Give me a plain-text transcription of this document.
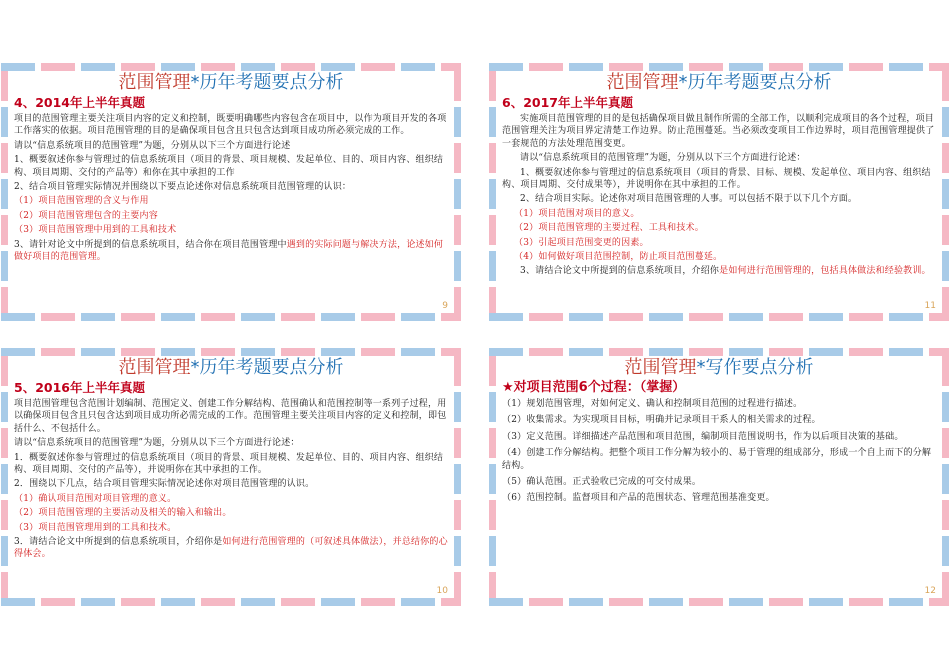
范围管理*历年考题要点分析
4、2014年上半年真题
项目的范围管理主要关注项目内容的定义和控制，既要明确哪些内容包含在项目中，以作为项目开发的各项工作落实的依据。项目范围管理的目的是确保项目包含且只包含达到项目成功所必须完成的工作。
请以“信息系统项目的范围管理”为题，分别从以下三个方面进行论述
1、概要叙述你参与管理过的信息系统项目（项目的背景、项目规模、发起单位、目的、项目内容、组织结构、项目周期、交付的产品等）和你在其中承担的工作
2、结合项目管理实际情况并围绕以下要点论述你对信息系统项目范围管理的认识：
（1）项目范围管理的含义与作用
（2）项目范围管理包含的主要内容
（3）项目范围管理中用到的工具和技术
3、请针对论文中所提到的信息系统项目，结合你在项目范围管理中遇到的实际问题与解决方法，论述如何做好项目的范围管理。
9
范围管理*历年考题要点分析
6、2017年上半年真题
实施项目范围管理的目的是包括确保项目做且制作所需的全部工作，以顺利完成项目的各个过程，项目范围管理关注为项目界定清楚工作边界。防止范围蔓延。当必须改变项目工作边界时，项目范围管理提供了一套规范的方法处理范围变更。
请以“信息系统项目的范围管理”为题，分别从以下三个方面进行论述：
1、概要叙述你参与管理过的信息系统项目（项目的背景、目标、规模、发起单位、项目内容、组织结构、项目周期、交付成果等），并说明你在其中承担的工作。
2、结合项目实际。论述你对项目范围管理的人事。可以包括不限于以下几个方面。
（1）项目范围对项目的意义。
（2）项目范围管理的主要过程、工具和技术。
（3）引起项目范围变更的因素。
（4）如何做好项目范围控制，防止项目范围蔓延。
3、请结合论文中所提到的信息系统项目，介绍你是如何进行范围管理的，包括具体做法和经验教训。
11
范围管理*历年考题要点分析
5、2016年上半年真题
项目范围管理包含范围计划编制、范围定义、创建工作分解结构、范围确认和范围控制等一系列子过程，用以确保项目包含且只包含达到项目成功所必需完成的工作。范围管理主要关注项目内容的定义和控制，即包括什么、不包括什么。
请以“信息系统项目的范围管理”为题，分别从以下三个方面进行论述：
1．概要叙述你参与管理过的信息系统项目（项目的背景、项目规模、发起单位、目的、项目内容、组织结构、项目周期、交付的产品等），并说明你在其中承担的工作。
2．围绕以下几点，结合项目管理实际情况论述你对项目范围管理的认识。
（1）确认项目范围对项目管理的意义。
（2）项目范围管理的主要活动及相关的输入和输出。
（3）项目范围管理用到的工具和技术。
3．请结合论文中所提到的信息系统项目，介绍你是如何进行范围管理的（可叙述具体做法），并总结你的心得体会。
10
范围管理*写作要点分析
★对项目范围6个过程：（掌握）
（1）规划范围管理，对如何定义、确认和控制项目范围的过程进行描述。
（2）收集需求。为实现项目目标，明确并记录项目干系人的相关需求的过程。
（3）定义范围。详细描述产品范围和项目范围，编制项目范围说明书，作为以后项目决策的基础。
（4）创建工作分解结构。把整个项目工作分解为较小的、易于管理的组成部分，形成一个自上而下的分解结构。
（5）确认范围。正式验收已完成的可交付成果。
（6）范围控制。监督项目和产品的范围状态、管理范围基准变更。
12
